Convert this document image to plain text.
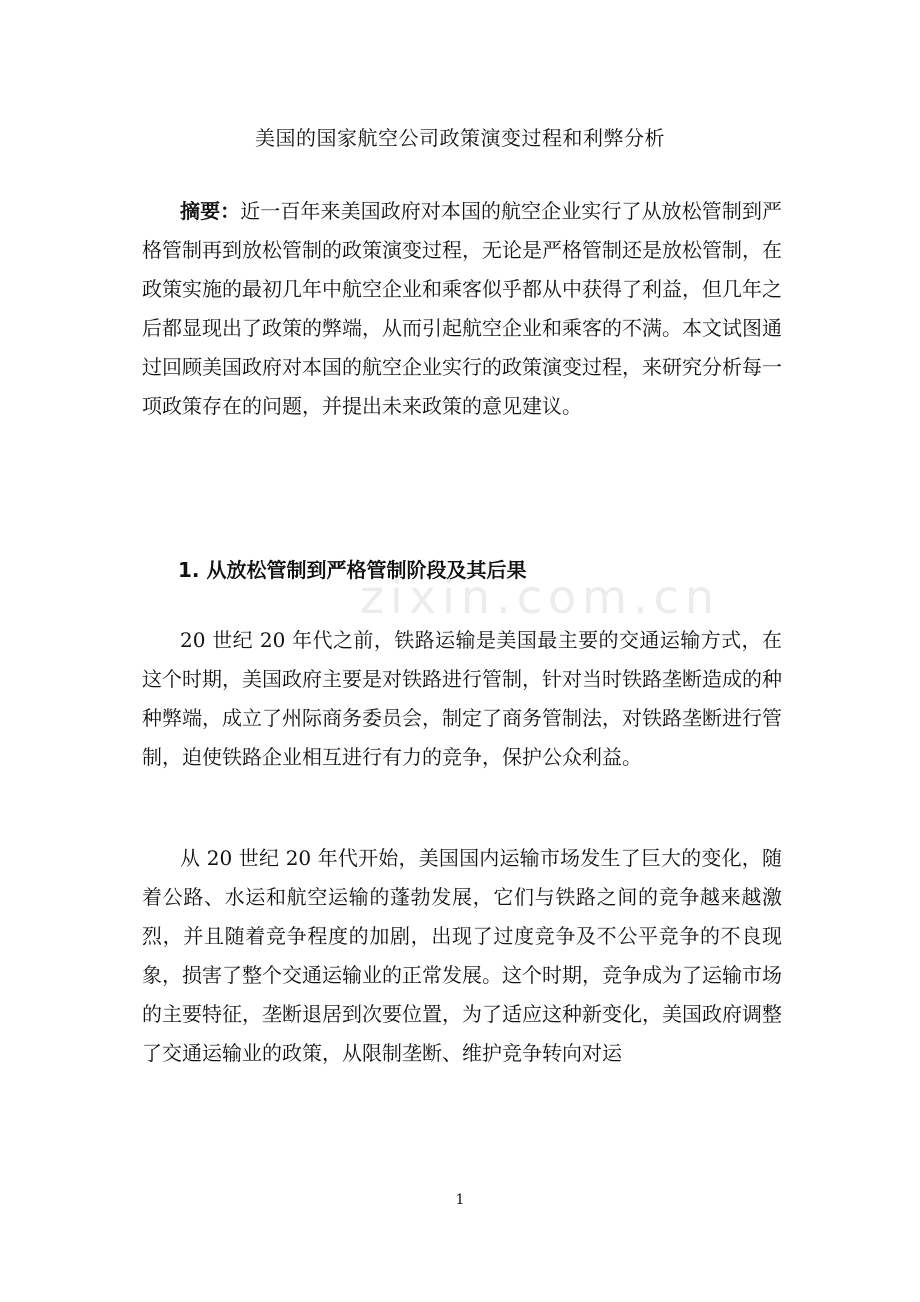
zixin.com.cn
美国的国家航空公司政策演变过程和利弊分析

摘要：近一百年来美国政府对本国的航空企业实行了从放松管制到严格管制再到放松管制的政策演变过程，无论是严格管制还是放松管制，在政策实施的最初几年中航空企业和乘客似乎都从中获得了利益，但几年之后都显现出了政策的弊端，从而引起航空企业和乘客的不满。本文试图通过回顾美国政府对本国的航空企业实行的政策演变过程，来研究分析每一项政策存在的问题，并提出未来政策的意见建议。

1. 从放松管制到严格管制阶段及其后果

20 世纪 20 年代之前，铁路运输是美国最主要的交通运输方式，在这个时期，美国政府主要是对铁路进行管制，针对当时铁路垄断造成的种种弊端，成立了州际商务委员会，制定了商务管制法，对铁路垄断进行管制，迫使铁路企业相互进行有力的竞争，保护公众利益。

从 20 世纪 20 年代开始，美国国内运输市场发生了巨大的变化，随着公路、水运和航空运输的蓬勃发展，它们与铁路之间的竞争越来越激烈，并且随着竞争程度的加剧，出现了过度竞争及不公平竞争的不良现象，损害了整个交通运输业的正常发展。这个时期，竞争成为了运输市场的主要特征，垄断退居到次要位置，为了适应这种新变化，美国政府调整了交通运输业的政策，从限制垄断、维护竞争转向对运

1
